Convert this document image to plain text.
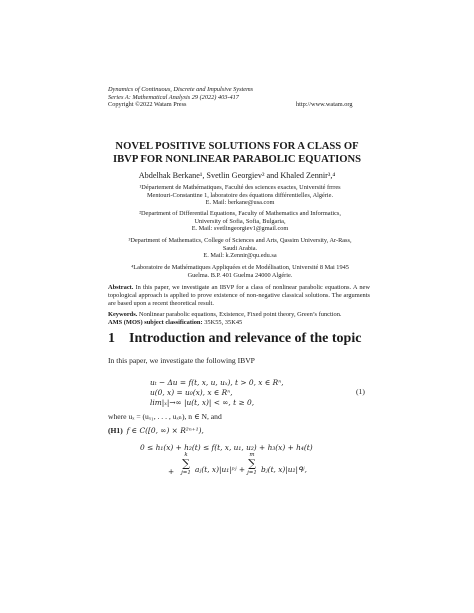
Dynamics of Continuous, Discrete and Impulsive Systems
Series A: Mathematical Analysis 29 (2022) 403-417
Copyright ©2022 Watam Press	http://www.watam.org
NOVEL POSITIVE SOLUTIONS FOR A CLASS OF
IBVP FOR NONLINEAR PARABOLIC EQUATIONS
Abdelhak Berkane¹, Svetlin Georgiev² and Khaled Zennir³,⁴
¹Département de Mathématiques, Faculté des sciences exactes, Université frrres
Mentouri-Constantine 1, laboratoire des équations différentielles, Algérie.
E. Mail: berkane@usa.com
²Department of Differential Equations, Faculty of Mathematics and Informatics,
University of Sofia, Sofia, Bulgaria,
E. Mail: svetlingeorgiev1@gmail.com
³Department of Mathematics, College of Sciences and Arts, Qassim University, Ar-Rass,
Saudi Arabia.
E. Mail: k.Zennir@qu.edu.sa
⁴Laboratoire de Mathématiques Appliquées et de Modélisation, Université 8 Mai 1945
Guelma. B.P. 401 Guelma 24000 Algérie.
Abstract. In this paper, we investigate an IBVP for a class of nonlinear parabolic equations. A new topological approach is applied to prove existence of non-negative classical solutions. The arguments are based upon a recent theoretical result.
Keywords. Nonlinear parabolic equations, Existence, Fixed point theory, Green’s function.
AMS (MOS) subject classification: 35K55, 35K45
1 Introduction and relevance of the topic
In this paper, we investigate the following IBVP
uₜ − Δu = f(t, x, u, uₓ), t > 0, x ∈ Rⁿ,
u(0, x) = u₀(x), x ∈ Rⁿ,
lim|ₓ|→∞ |u(t, x)| < ∞, t ≥ 0,
(1)
where uₓ = (uₓ₁, . . . , uₓₙ), n ∈ N, and
(H1) f ∈ C([0, ∞) × R²ⁿ⁺¹),
0 ≤ h₁(x) + h₂(t) ≤ f(t, x, u₁, u₂) + h₃(x) + h₄(t)
+
k
∑
j=1 aⱼ(t, x)|u₁|ᵖʲ +
m
∑
j=1 bⱼ(t, x)|u₂|ᑫʲ,
